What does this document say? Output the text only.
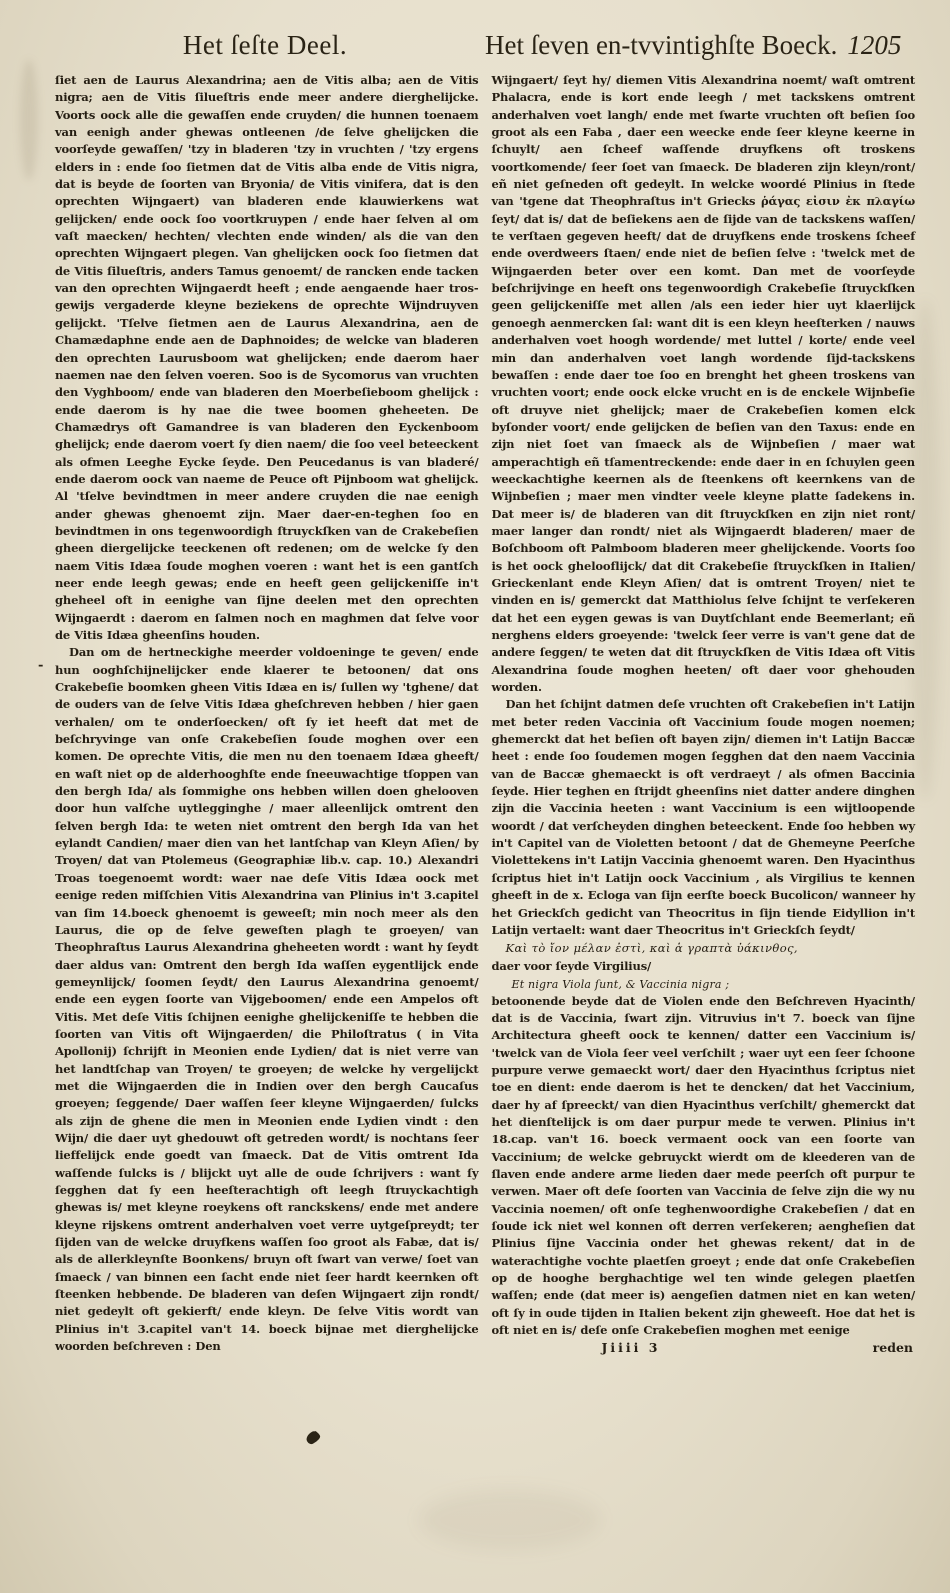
Het ſeſte Deel.	Het ſeven en-tvvintighſte Boeck. 1205
-

ſiet aen de Laurus Alexandrina; aen de Vitis alba; aen de Vitis nigra; aen de Vitis ſilueſtris ende meer andere dierghelijcke. Voorts oock alle die gewaſſen ende cruyden/ die hunnen toenaem van eenigh ander ghewas ontleenen /de ſelve ghelijcken die voorſeyde gewaſſen/ 'tzy in bladeren 'tzy in vruchten / 'tzy ergens elders in : ende ſoo ſietmen dat de Vitis alba ende de Vitis nigra, dat is beyde de ſoorten van Bryonia/ de Vitis vinifera, dat is den oprechten Wijngaert) van bladeren ende klauwierkens wat gelijcken/ ende oock ſoo voortkruypen / ende haer ſelven al om vaſt maecken/ hechten/ vlechten ende winden/ als die van den oprechten Wijngaert plegen. Van ghelijcken oock ſoo ſietmen dat de Vitis ſilueſtris, anders Tamus genoemt/ de rancken ende tacken van den oprechten Wijngaerdt heeft ; ende aengaende haer tros-gewijs vergaderde kleyne beziekens de oprechte Wijndruyven gelijckt. 'Tſelve ſietmen aen de Laurus Alexandrina, aen de Chamædaphne ende aen de Daphnoides; de welcke van bladeren den oprechten Laurusboom wat ghelijcken; ende daerom haer naemen nae den ſelven voeren. Soo is de Sycomorus van vruchten den Vyghboom/ ende van bladeren den Moerbeſieboom ghelijck : ende daerom is hy nae die twee boomen gheheeten. De Chamædrys oft Gamandree is van bladeren den Eyckenboom ghelijck; ende daerom voert ſy dien naem/ die ſoo veel beteeckent als ofmen Leeghe Eycke ſeyde. Den Peucedanus is van bladeré/ ende daerom oock van naeme de Peuce oft Pijnboom wat ghelijck. Al 'tſelve bevindtmen in meer andere cruyden die nae eenigh ander ghewas ghenoemt zijn. Maer daer-en-teghen ſoo en bevindtmen in ons tegenwoordigh ſtruyckſken van de Crakebeſien gheen diergelijcke teeckenen oft redenen; om de welcke ſy den naem Vitis Idæa ſoude moghen voeren : want het is een gantſch neer ende leegh gewas; ende en heeft geen gelijckeniſſe in't gheheel oft in eenighe van ſijne deelen met den oprechten Wijngaerdt : daerom en ſalmen noch en maghmen dat ſelve voor de Vitis Idæa gheenſins houden.

Dan om de hertneckighe meerder voldoeninge te geven/ ende hun ooghſchijnelijcker ende klaerer te betoonen/ dat ons Crakebeſie boomken gheen Vitis Idæa en is/ ſullen wy 'tghene/ dat de ouders van de ſelve Vitis Idæa gheſchreven hebben / hier gaen verhalen/ om te onderſoecken/ oft ſy iet heeft dat met de beſchryvinge van onſe Crakebeſien ſoude moghen over een komen. De oprechte Vitis, die men nu den toenaem Idæa gheeft/ en waſt niet op de alderhooghſte ende ſneeuwachtige tſoppen van den bergh Ida/ als ſommighe ons hebben willen doen ghelooven door hun valſche uytlegginghe / maer alleenlijck omtrent den ſelven bergh Ida: te weten niet omtrent den bergh Ida van het eylandt Candien/ maer dien van het lantſchap van Kleyn Aſien/ by Troyen/ dat van Ptolemeus (Geographiæ lib.v. cap. 10.) Alexandri Troas toegenoemt wordt: waer nae deſe Vitis Idæa oock met eenige reden miſſchien Vitis Alexandrina van Plinius in't 3.capitel van ſim 14.boeck ghenoemt is geweeſt; min noch meer als den Laurus, die op de ſelve geweſten plagh te groeyen/ van Theophraſtus Laurus Alexandrina gheheeten wordt : want hy ſeydt daer aldus van: Omtrent den bergh Ida waſſen eygentlijck ende gemeynlijck/ ſoomen ſeydt/ den Laurus Alexandrina genoemt/ ende een eygen ſoorte van Vijgeboomen/ ende een Ampelos oft Vitis. Met deſe Vitis ſchijnen eenighe ghelijckeniſſe te hebben die ſoorten van Vitis oft Wijngaerden/ die Philoſtratus ( in Vita Apollonij) ſchrijft in Meonien ende Lydien/ dat is niet verre van het landtſchap van Troyen/ te groeyen; de welcke hy vergelijckt met die Wijngaerden die in Indien over den bergh Caucaſus groeyen; ſeggende/ Daer waſſen ſeer kleyne Wijngaerden/ ſulcks als zijn de ghene die men in Meonien ende Lydien vindt : den Wijn/ die daer uyt ghedouwt oft getreden wordt/ is nochtans ſeer lieffelijck ende goedt van ſmaeck. Dat de Vitis omtrent Ida waſſende ſulcks is / blijckt uyt alle de oude ſchrijvers : want ſy ſegghen dat ſy een heeſterachtigh oft leegh ſtruyckachtigh ghewas is/ met kleyne roeykens oft ranckskens/ ende met andere kleyne rijskens omtrent anderhalven voet verre uytgeſpreydt; ter ſijden van de welcke druyfkens waſſen ſoo groot als Fabæ, dat is/ als de allerkleynſte Boonkens/ bruyn oft ſwart van verwe/ ſoet van ſmaeck / van binnen een ſacht ende niet ſeer hardt keernken oft ſteenken hebbende. De bladeren van deſen Wijngaert zijn rondt/ niet gedeylt oft gekierft/ ende kleyn. De ſelve Vitis wordt van Plinius in't 3.capitel van't 14. boeck bijnae met dierghelijcke woorden beſchreven : Den

Wijngaert/ ſeyt hy/ diemen Vitis Alexandrina noemt/ waſt omtrent Phalacra, ende is kort ende leegh / met tackskens omtrent anderhalven voet langh/ ende met ſwarte vruchten oft beſien ſoo groot als een Faba , daer een weecke ende ſeer kleyne keerne in ſchuylt/ aen ſcheef waſſende druyfkens oft troskens voortkomende/ ſeer ſoet van ſmaeck. De bladeren zijn kleyn/ront/ eñ niet geſneden oft gedeylt. In welcke woordé Plinius in ſtede van 'tgene dat Theophraſtus in't Griecks ῥάγας εἰσιν ἐκ πλαγίω ſeyt/ dat is/ dat de beſiekens aen de ſijde van de tackskens waſſen/ te verſtaen gegeven heeft/ dat de druyfkens ende troskens ſcheef ende overdweers ſtaen/ ende niet de beſien ſelve : 'twelck met de Wijngaerden beter over een komt. Dan met de voorſeyde beſchrijvinge en heeft ons tegenwoordigh Crakebeſie ſtruyckſken geen gelijckeniſſe met allen /als een ieder hier uyt klaerlijck genoegh aenmercken ſal: want dit is een kleyn heeſterken / nauws anderhalven voet hoogh wordende/ met luttel / korte/ ende veel min dan anderhalven voet langh wordende ſijd-tackskens bewaſſen : ende daer toe ſoo en brenght het gheen troskens van vruchten voort; ende oock elcke vrucht en is de enckele Wijnbeſie oft druyve niet ghelijck; maer de Crakebeſien komen elck byſonder voort/ ende gelijcken de beſien van den Taxus: ende en zijn niet ſoet van ſmaeck als de Wijnbeſien / maer wat amperachtigh eñ tſamentreckende: ende daer in en ſchuylen geen weeckachtighe keernen als de ſteenkens oft keernkens van de Wijnbeſien ; maer men vindter veele kleyne platte ſadekens in. Dat meer is/ de bladeren van dit ſtruyckſken en zijn niet ront/ maer langer dan rondt/ niet als Wijngaerdt bladeren/ maer de Boſchboom oft Palmboom bladeren meer ghelijckende. Voorts ſoo is het oock ghelooflijck/ dat dit Crakebeſie ſtruyckſken in Italien/ Grieckenlant ende Kleyn Aſien/ dat is omtrent Troyen/ niet te vinden en is/ gemerckt dat Matthiolus ſelve ſchijnt te verſekeren dat het een eygen gewas is van Duytſchlant ende Beemerlant; eñ nerghens elders groeyende: 'twelck ſeer verre is van't gene dat de andere ſeggen/ te weten dat dit ſtruyckſken de Vitis Idæa oft Vitis Alexandrina ſoude moghen heeten/ oft daer voor ghehouden worden.

Dan het ſchijnt datmen deſe vruchten oft Crakebeſien in't Latijn met beter reden Vaccinia oft Vaccinium ſoude mogen noemen; ghemerckt dat het beſien oft bayen zijn/ diemen in't Latijn Baccæ heet : ende ſoo ſoudemen mogen ſegghen dat den naem Vaccinia van de Baccæ ghemaeckt is oft verdraeyt / als ofmen Baccinia ſeyde. Hier teghen en ſtrijdt gheenſins niet datter andere dinghen zijn die Vaccinia heeten : want Vaccinium is een wijtloopende woordt / dat verſcheyden dinghen beteeckent. Ende ſoo hebben wy in't Capitel van de Violetten betoont / dat de Ghemeyne Peerſche Violettekens in't Latijn Vaccinia ghenoemt waren. Den Hyacinthus ſcriptus hiet in't Latijn oock Vaccinium , als Virgilius te kennen gheeft in de x. Ecloga van ſijn eerſte boeck Bucolicon/ wanneer hy het Grieckſch gedicht van Theocritus in ſijn tiende Eidyllion in't Latijn vertaelt: want daer Theocritus in't Grieckſch ſeydt/

Καὶ τὸ ἴον μέλαν ἐστὶ, καὶ ἁ γραπτὰ ὑάκινθος,
daer voor ſeyde Virgilius/
Et nigra Viola ſunt, & Vaccinia nigra ;

betoonende beyde dat de Violen ende den Beſchreven Hyacinth/ dat is de Vaccinia, ſwart zijn. Vitruvius in't 7. boeck van ſijne Architectura gheeft oock te kennen/ datter een Vaccinium is/ 'twelck van de Viola ſeer veel verſchilt ; waer uyt een ſeer ſchoone purpure verwe gemaeckt wort/ daer den Hyacinthus ſcriptus niet toe en dient: ende daerom is het te dencken/ dat het Vaccinium, daer hy af ſpreeckt/ van dien Hyacinthus verſchilt/ ghemerckt dat het dienſtelijck is om daer purpur mede te verwen. Plinius in't 18.cap. van't 16. boeck vermaent oock van een ſoorte van Vaccinium; de welcke gebruyckt wierdt om de kleederen van de ſlaven ende andere arme lieden daer mede peerſch oft purpur te verwen. Maer oft deſe ſoorten van Vaccinia de ſelve zijn die wy nu Vaccinia noemen/ oft onſe teghenwoordighe Crakebeſien / dat en ſoude ick niet wel konnen oft derren verſekeren; aengheſien dat Plinius ſijne Vaccinia onder het ghewas rekent/ dat in de waterachtighe vochte plaetſen groeyt ; ende dat onſe Crakebeſien op de hooghe berghachtige wel ten winde gelegen plaetſen waſſen; ende (dat meer is) aengeſien datmen niet en kan weten/ oft ſy in oude tijden in Italien bekent zijn gheweeſt. Hoe dat het is oft niet en is/ deſe onſe Crakebeſien moghen met eenige

Jiiii 3	reden
